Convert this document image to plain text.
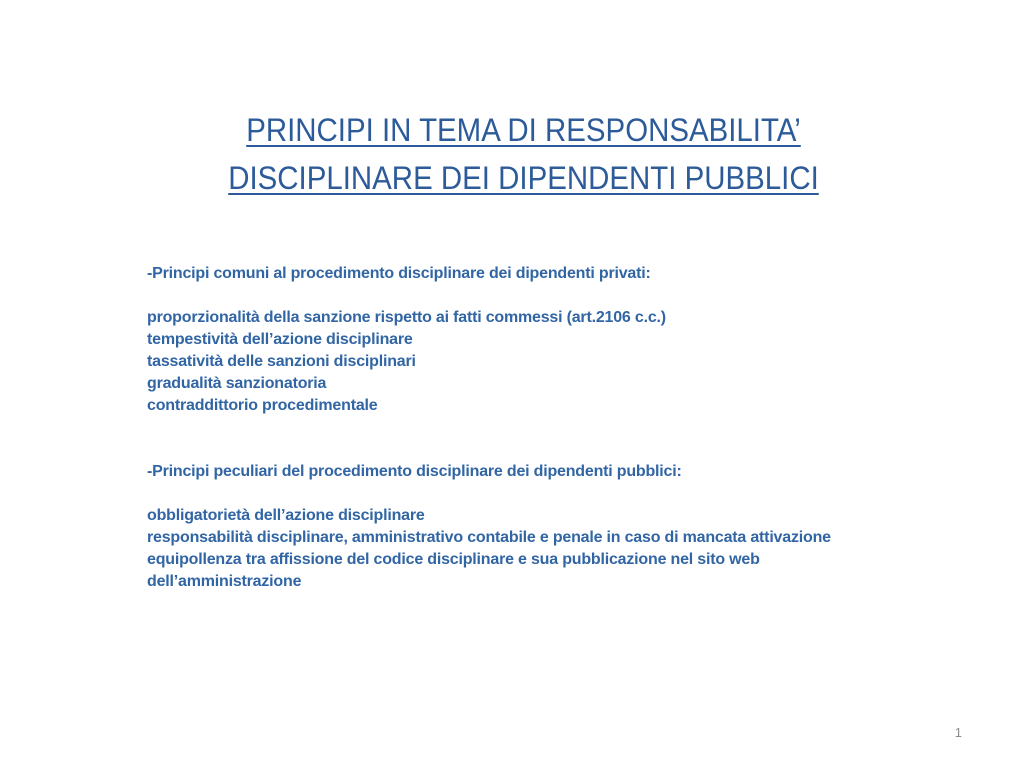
PRINCIPI IN TEMA DI RESPONSABILITA’
DISCIPLINARE DEI DIPENDENTI PUBBLICI

-Principi comuni al procedimento disciplinare dei dipendenti privati:

proporzionalità della sanzione rispetto ai fatti commessi (art.2106 c.c.)

tempestività dell’azione disciplinare

tassatività delle sanzioni disciplinari

gradualità sanzionatoria

contraddittorio procedimentale

-Principi peculiari del procedimento disciplinare dei dipendenti pubblici:

obbligatorietà dell’azione disciplinare

responsabilità disciplinare, amministrativo contabile e penale in caso di mancata attivazione

equipollenza tra affissione del codice disciplinare e sua pubblicazione nel sito web dell’amministrazione

1
